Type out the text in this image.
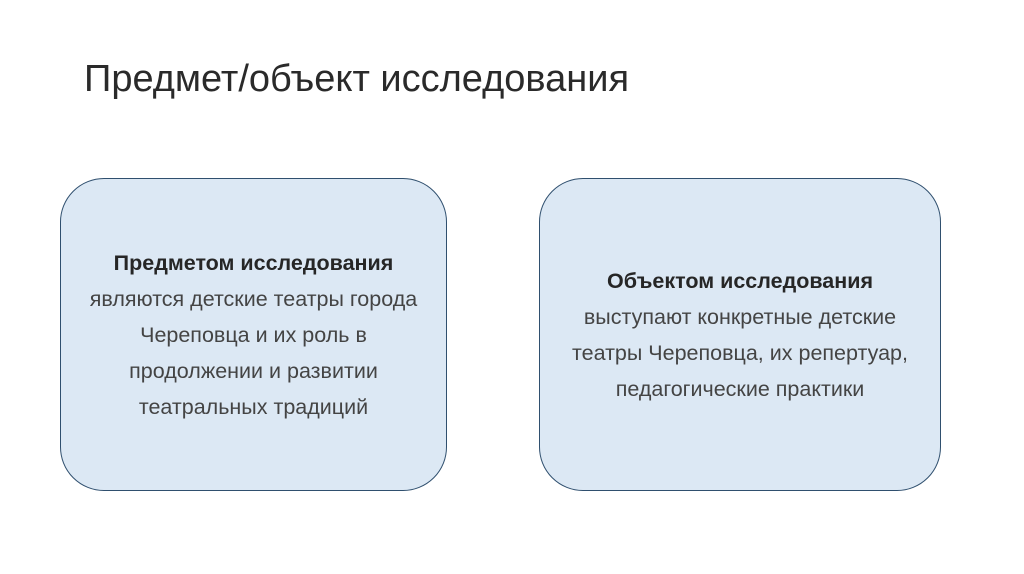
Предмет/объект исследования

Предметом исследования являются детские театры города Череповца и их роль в продолжении и развитии театральных традиций

Объектом исследования выступают конкретные детские театры Череповца, их репертуар, педагогические практики
